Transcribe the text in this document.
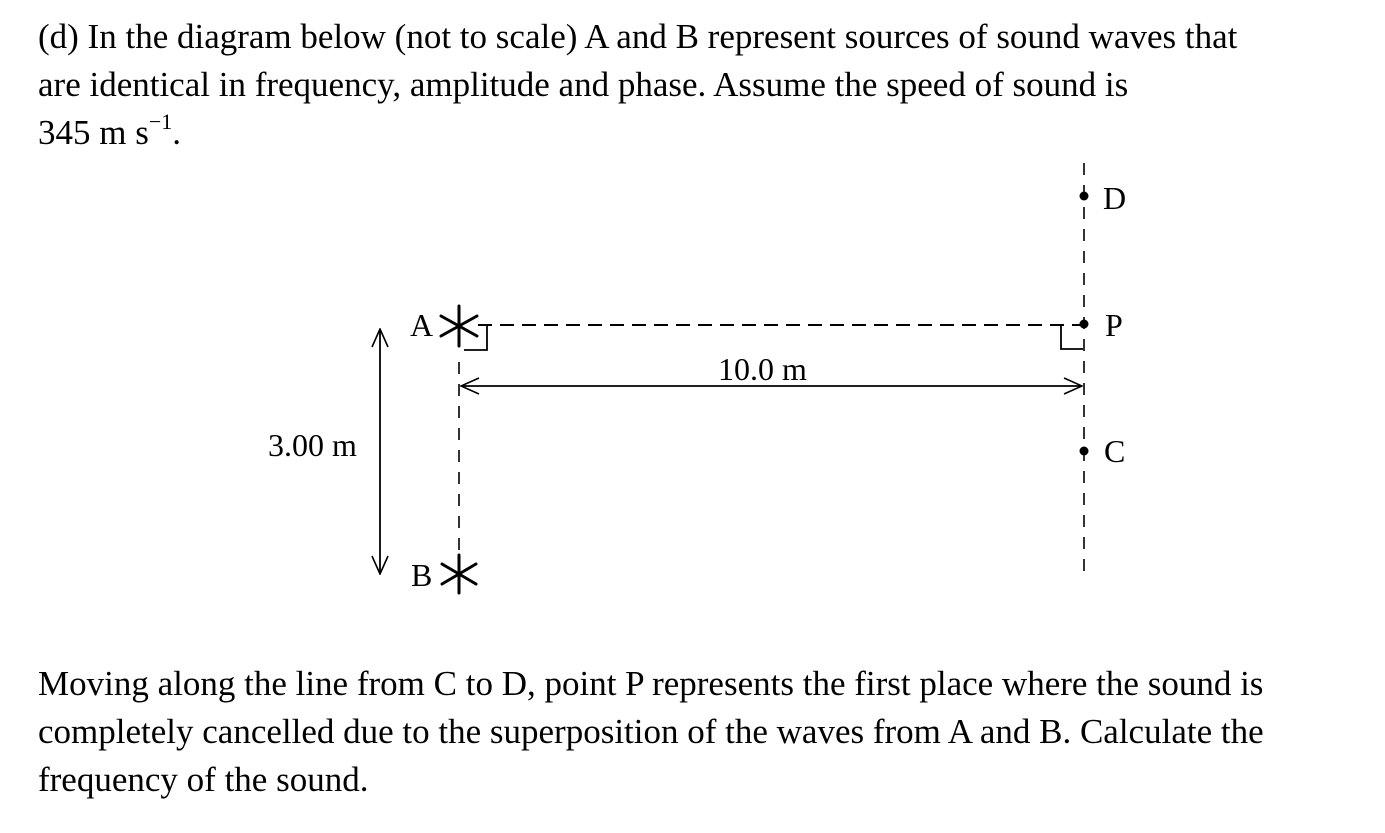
(d) In the diagram below (not to scale) A and B represent sources of sound waves that
are identical in frequency, amplitude and phase. Assume the speed of sound is
345 m $s^{-1}$.

A
B
D
P
C
10.0 m
3.00 m

Moving along the line from C to D, point P represents the first place where the sound is
completely cancelled due to the superposition of the waves from A and B. Calculate the
frequency of the sound.
